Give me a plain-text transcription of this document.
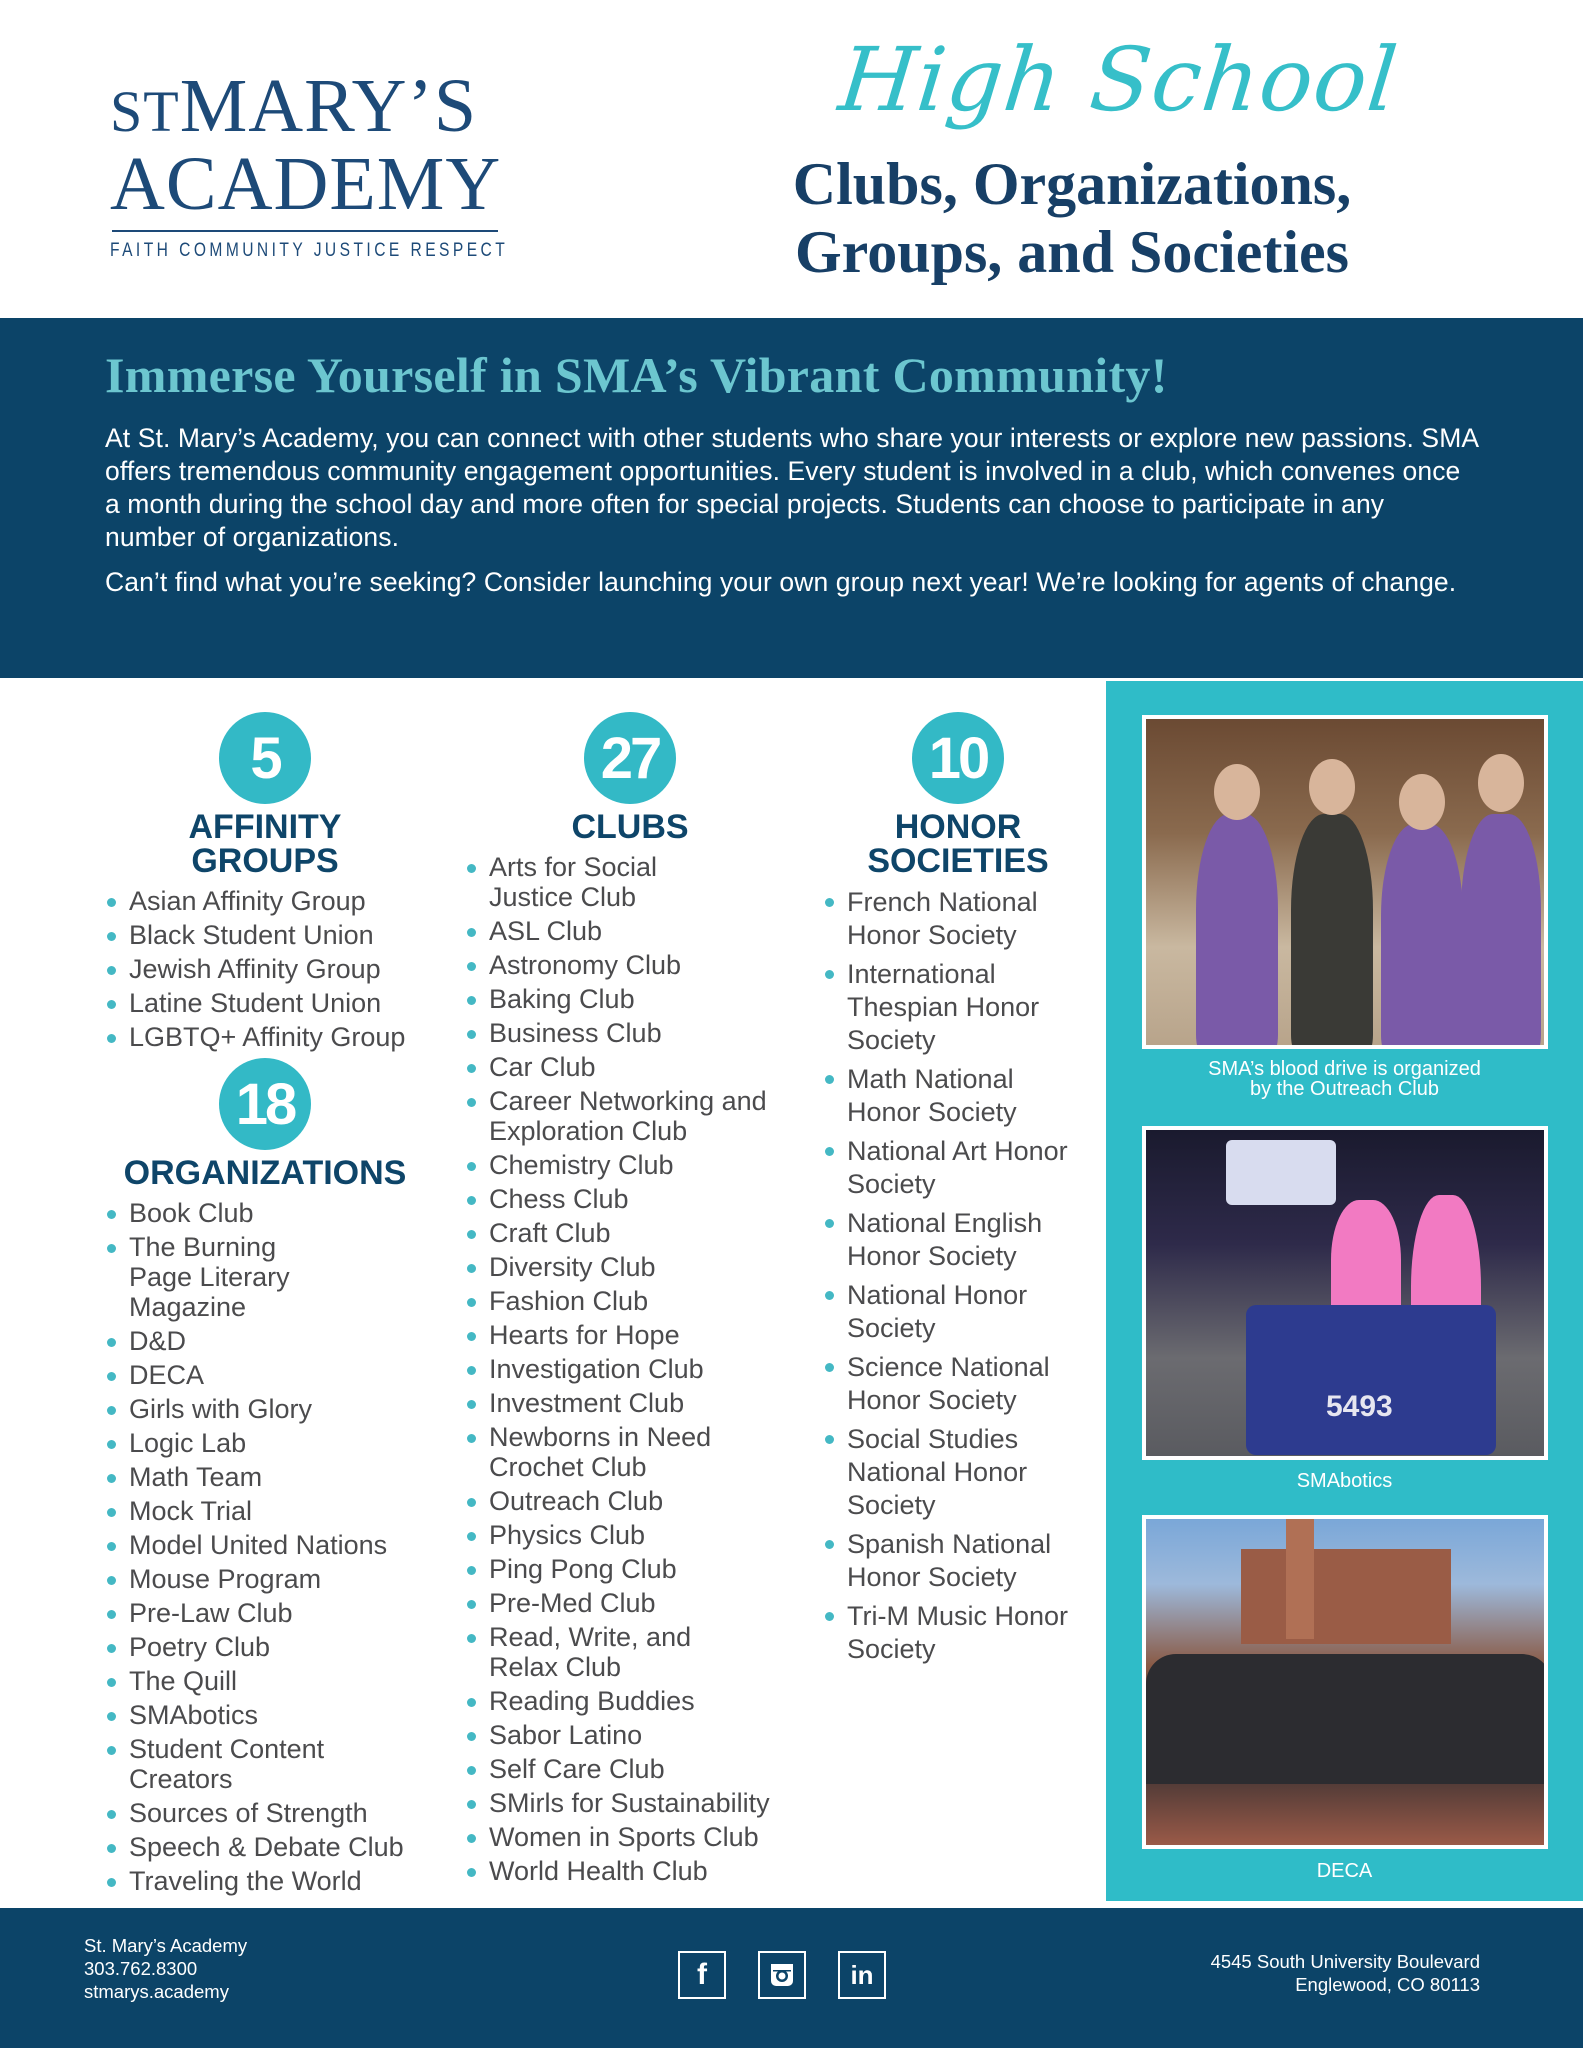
STMARY’S
ACADEMY
FAITH COMMUNITY JUSTICE RESPECT
High School
Clubs, Organizations,
Groups, and Societies
Immerse Yourself in SMA’s Vibrant Community!

At St. Mary’s Academy, you can connect with other students who share your interests or explore new passions. SMA offers tremendous community engagement opportunities. Every student is involved in a club, which convenes once a month during the school day and more often for special projects. Students can choose to participate in any number of organizations.

Can’t find what you’re seeking? Consider launching your own group next year! We’re looking for agents of change.

5
AFFINITY
GROUPS
Asian Affinity Group
Black Student Union
Jewish Affinity Group
Latine Student Union
LGBTQ+ Affinity Group
18
ORGANIZATIONS
Book Club
The Burning Page Literary Magazine
D&D
DECA
Girls with Glory
Logic Lab
Math Team
Mock Trial
Model United Nations
Mouse Program
Pre-Law Club
Poetry Club
The Quill
SMAbotics
Student Content Creators
Sources of Strength
Speech & Debate Club
Traveling the World
27
CLUBS
Arts for Social Justice Club
ASL Club
Astronomy Club
Baking Club
Business Club
Car Club
Career Networking and Exploration Club
Chemistry Club
Chess Club
Craft Club
Diversity Club
Fashion Club
Hearts for Hope
Investigation Club
Investment Club
Newborns in Need Crochet Club
Outreach Club
Physics Club
Ping Pong Club
Pre-Med Club
Read, Write, and Relax Club
Reading Buddies
Sabor Latino
Self Care Club
SMirls for Sustainability
Women in Sports Club
World Health Club
10
HONOR
SOCIETIES
French National Honor Society
International Thespian Honor Society
Math National Honor Society
National Art Honor Society
National English Honor Society
National Honor Society
Science National Honor Society
Social Studies National Honor Society
Spanish National Honor Society
Tri-M Music Honor Society
SMA’s blood drive is organized
by the Outreach Club
5493
SMAbotics
DECA
St. Mary’s Academy
303.762.8300
stmarys.academy
f	in	4545 South University Boulevard
Englewood, CO 80113
